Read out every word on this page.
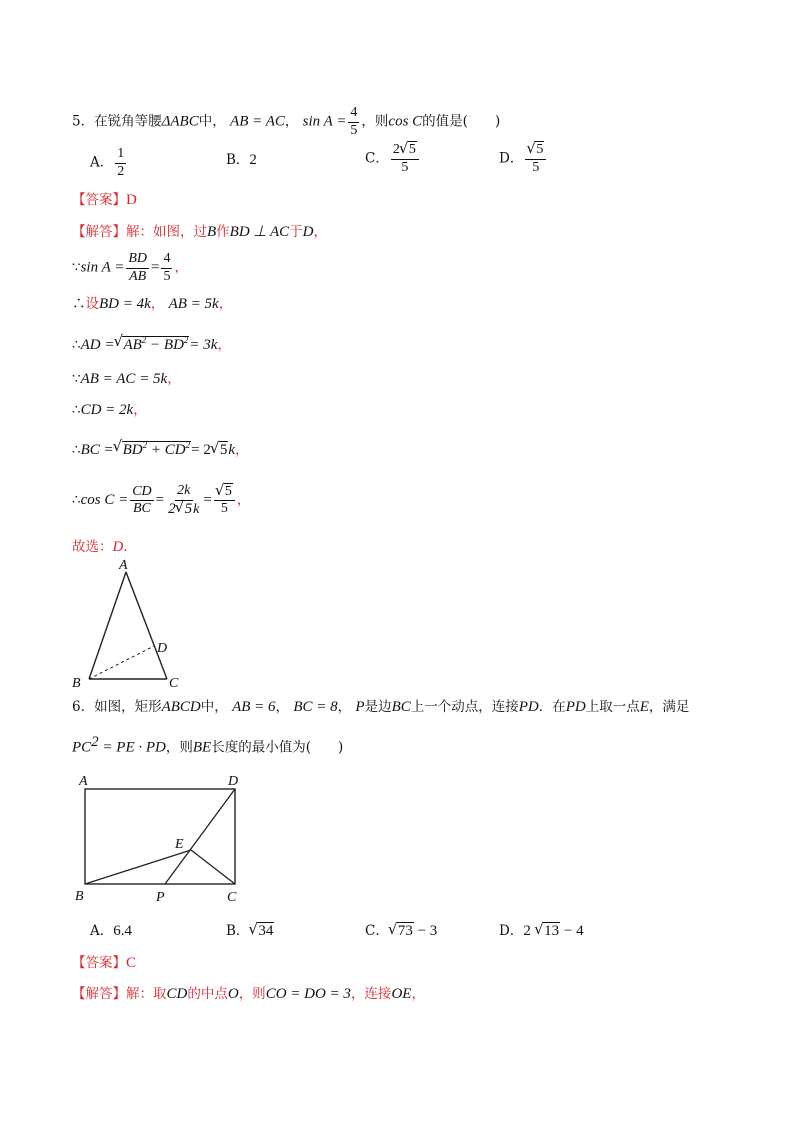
5．在锐角等腰ΔABC中， AB = AC， $\sin A = \frac{4}{5}$ ，则cos C的值是(　　)
A． $\frac{1}{2}$	B．2	C． $\frac{2√ 5}{5}$	D．
√ $\frac{5}{5}$
【答案】D
【解答】解：如图，过B作BD ⊥ AC于D，
∵sin $A = \frac{BD}{AB} = \frac{4}{5}$ ，
∴设BD = 4k， AB = 5k，
∴AD =√ $AB^2 - BD^2= 3k$，
∵AB = AC = 5k，
∴CD = 2k，
∴BC =√ $BD^2 + CD^2= 2√$ 5k，
∴cos $C = \frac{CD}{BC} = \frac{2k}{2√ 5k}$ =
√ $\frac{5}{5}$ ，
故选：D．
A
B	C
D
6．如图，矩形ABCD中， AB = 6， BC = 8， P是边BC上一个动点，连接PD．在PD上取一点E，满足
$PC^2$ = PE · PD，则BE长度的最小值为(　　)
A	D
B	P	C
E
A．6.4	B．√ 34	C．√ 73 − 3	D．2 √ 13 − 4
【答案】C
【解答】解：取CD的中点O，则CO = DO = 3，连接OE，
